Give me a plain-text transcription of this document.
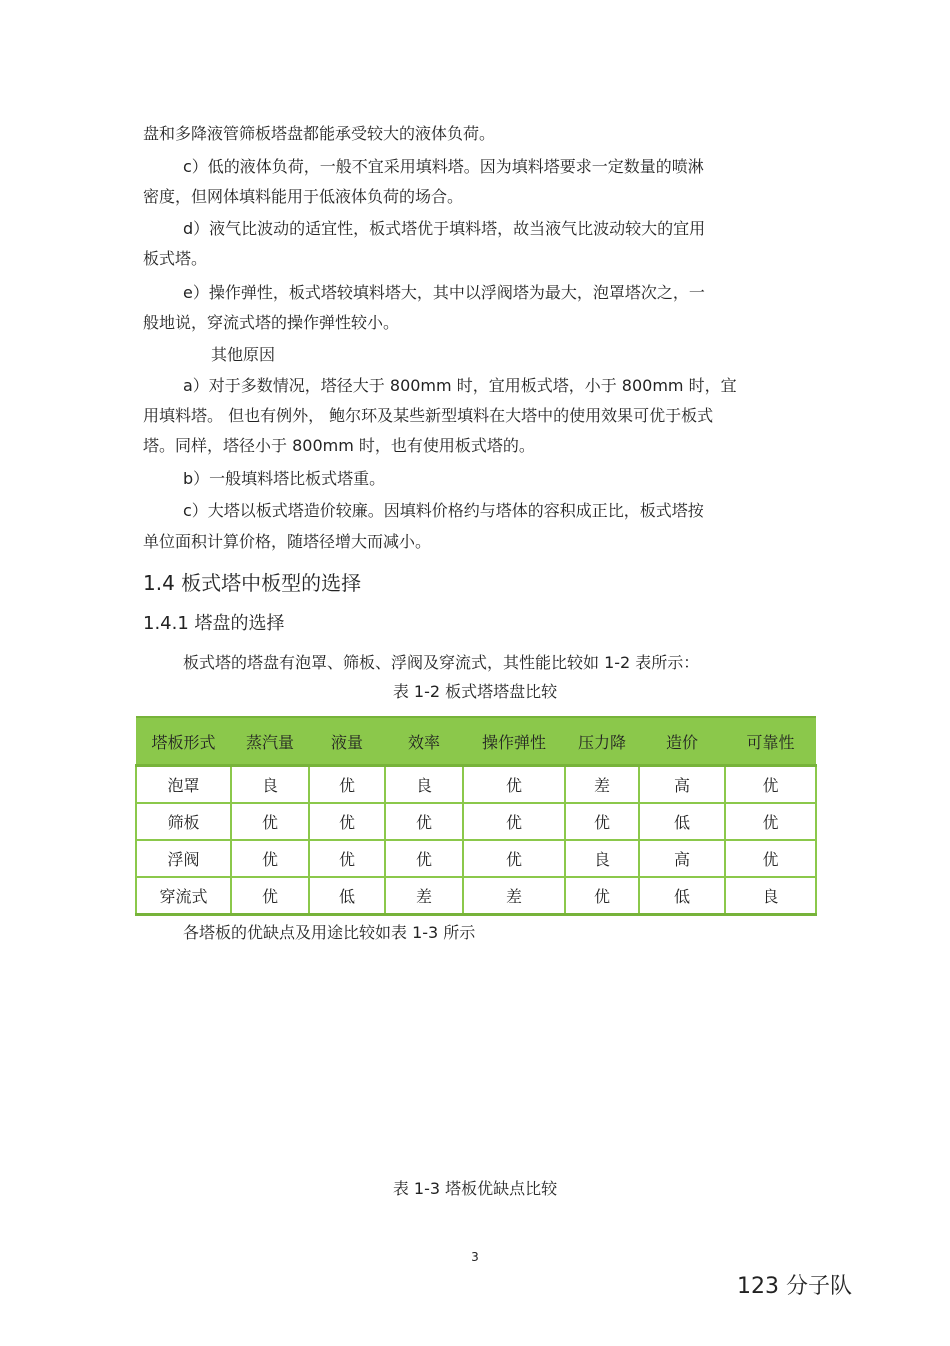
盘和多降液管筛板塔盘都能承受较大的液体负荷。

c）低的液体负荷，一般不宜采用填料塔。因为填料塔要求一定数量的喷淋

密度，但网体填料能用于低液体负荷的场合。

d）液气比波动的适宜性，板式塔优于填料塔，故当液气比波动较大的宜用

板式塔。

e）操作弹性，板式塔较填料塔大，其中以浮阀塔为最大，泡罩塔次之，一

般地说，穿流式塔的操作弹性较小。

其他原因

a）对于多数情况，塔径大于 800mm 时，宜用板式塔，小于 800mm 时，宜

用填料塔。 但也有例外， 鲍尔环及某些新型填料在大塔中的使用效果可优于板式

塔。同样，塔径小于 800mm 时，也有使用板式塔的。

b）一般填料塔比板式塔重。

c）大塔以板式塔造价较廉。因填料价格约与塔体的容积成正比，板式塔按

单位面积计算价格，随塔径增大而减小。

1.4 板式塔中板型的选择
1.4.1 塔盘的选择

板式塔的塔盘有泡罩、筛板、浮阀及穿流式，其性能比较如 1-2 表所示：

表 1-2 板式塔塔盘比较

塔板形式	蒸汽量	液量	效率	操作弹性	压力降	造价	可靠性
泡罩	良	优	良	优	差	高	优
筛板	优	优	优	优	优	低	优
浮阀	优	优	优	优	良	高	优
穿流式	优	低	差	差	优	低	良

各塔板的优缺点及用途比较如表 1-3 所示

表 1-3 塔板优缺点比较

3
123 分子队
